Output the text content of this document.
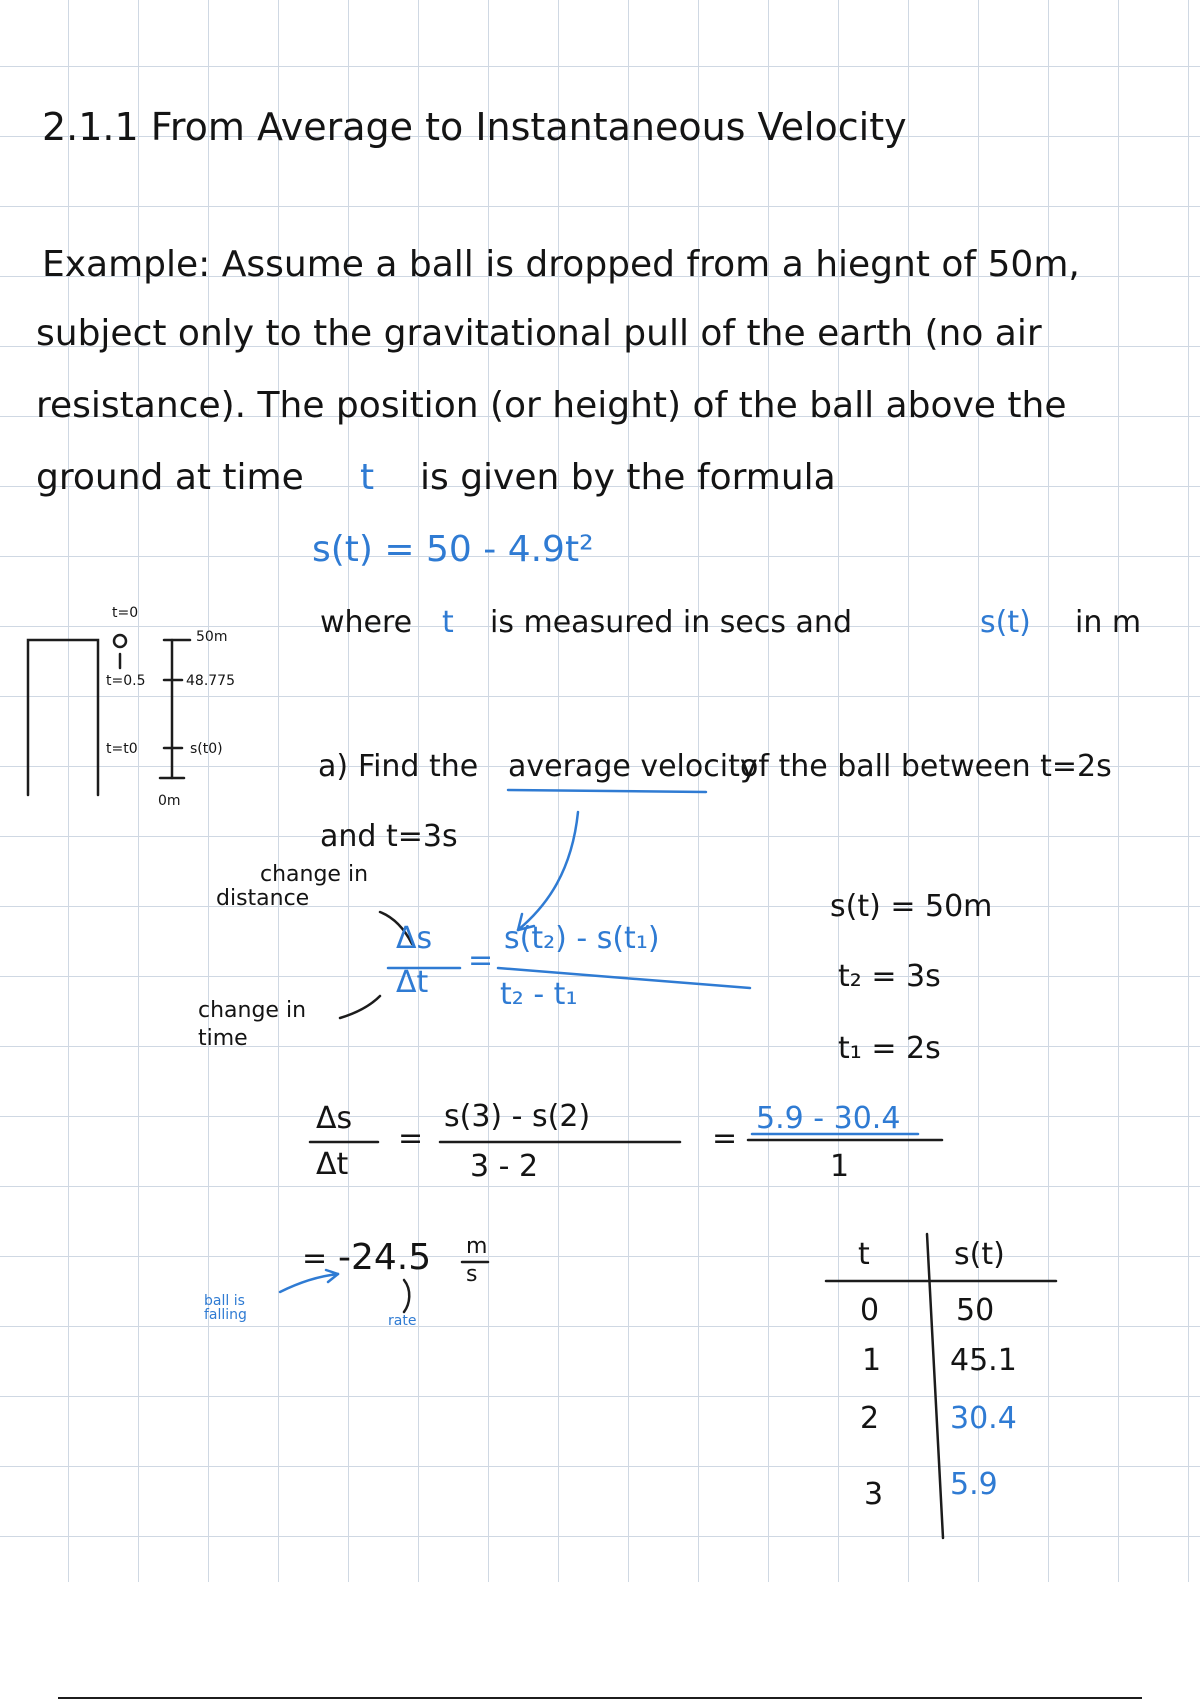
2.1.1 From Average to Instantaneous Velocity
Example: Assume a ball is dropped from a hiegnt of 50m,
subject only to the gravitational pull of the earth (no air
resistance). The position (or height) of the ball above the
ground at time t is given by the formula
s(t) = 50 - 4.9t²
where t is measured in secs and	s(t) in m
t=0
50m
t=0.5	48.775
t=t0	s(t0)
0m
a) Find the average velocity
of the ball between t=2s
and t=3s
change in
distance
Δs
Δt
=
s(t₂) - s(t₁)
t₂ - t₁
change in
time
s(t) = 50m
t₂ = 3s
t₁ = 2s
Δs
Δt
=
s(3) - s(2)
3 - 2
=
5.9 - 30.4
1
= -24.5 m
s
ball is falling	rate
t	s(t)
0	50
1 45.1
2 30.4
3 5.9
